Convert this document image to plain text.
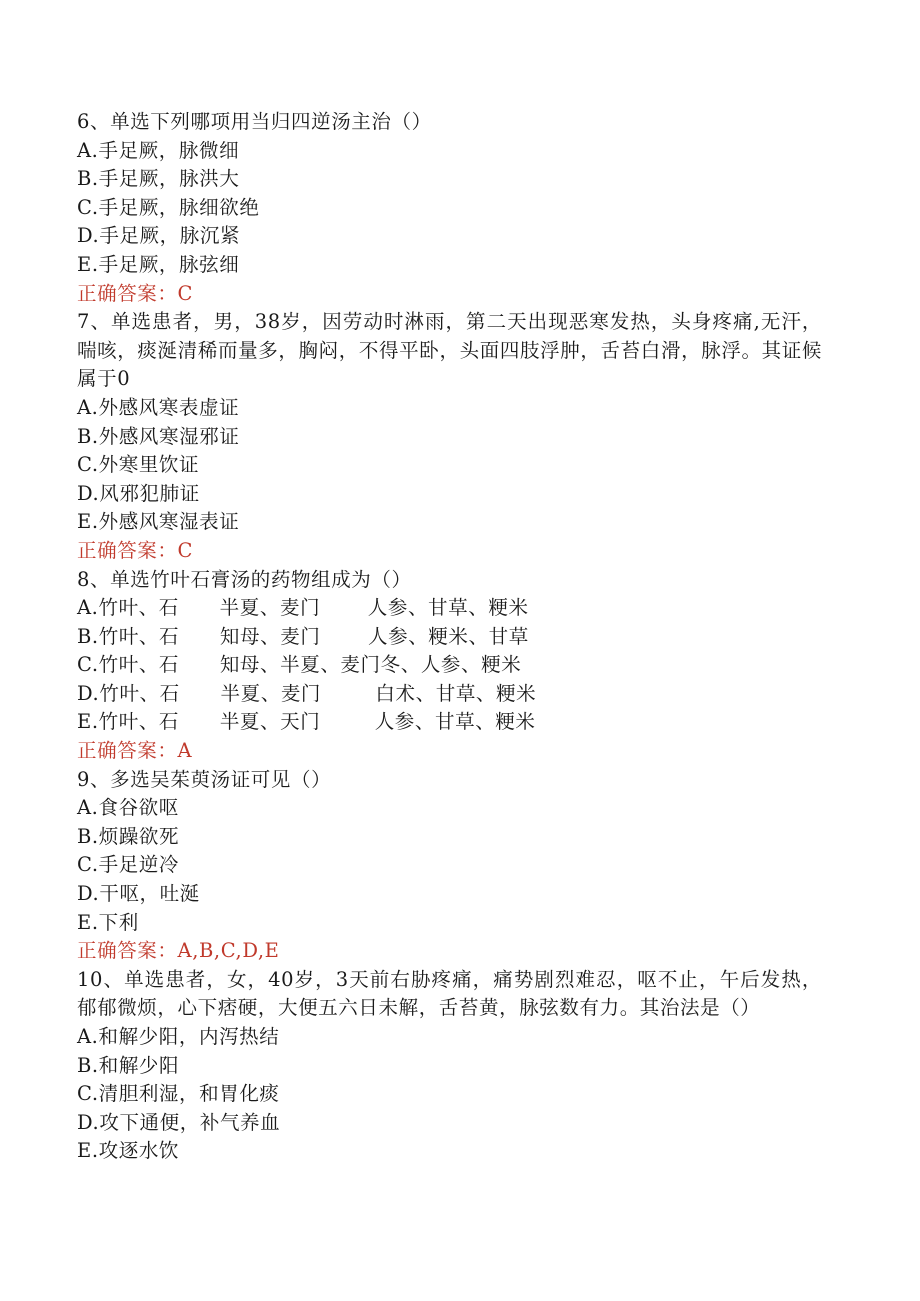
6、单选下列哪项用当归四逆汤主治（）
A.手足厥，脉微细
B.手足厥，脉洪大
C.手足厥，脉细欲绝
D.手足厥，脉沉紧
E.手足厥，脉弦细
正确答案：C
7、单选患者，男，38岁，因劳动时淋雨，第二天出现恶寒发热，头身疼痛,无汗，喘咳，痰涎清稀而量多，胸闷，不得平卧，头面四肢浮肿，舌苔白滑，脉浮。其证候属于0
A.外感风寒表虚证
B.外感风寒湿邪证
C.外寒里饮证
D.风邪犯肺证
E.外感风寒湿表证
正确答案：C
8、单选竹叶石膏汤的药物组成为（）
A.竹叶、石      半夏、麦门       人参、甘草、粳米
B.竹叶、石      知母、麦门       人参、粳米、甘草
C.竹叶、石      知母、半夏、麦门冬、人参、粳米
D.竹叶、石      半夏、麦门        白术、甘草、粳米
E.竹叶、石      半夏、天门        人参、甘草、粳米
正确答案：A
9、多选吴茱萸汤证可见（）
A.食谷欲呕
B.烦躁欲死
C.手足逆冷
D.干呕，吐涎
E.下利
正确答案：A,B,C,D,E
10、单选患者，女，40岁，3天前右胁疼痛，痛势剧烈难忍，呕不止，午后发热，郁郁微烦，心下痞硬，大便五六日未解，舌苔黄，脉弦数有力。其治法是（）
A.和解少阳，内泻热结
B.和解少阳
C.清胆利湿，和胃化痰
D.攻下通便，补气养血
E.攻逐水饮
